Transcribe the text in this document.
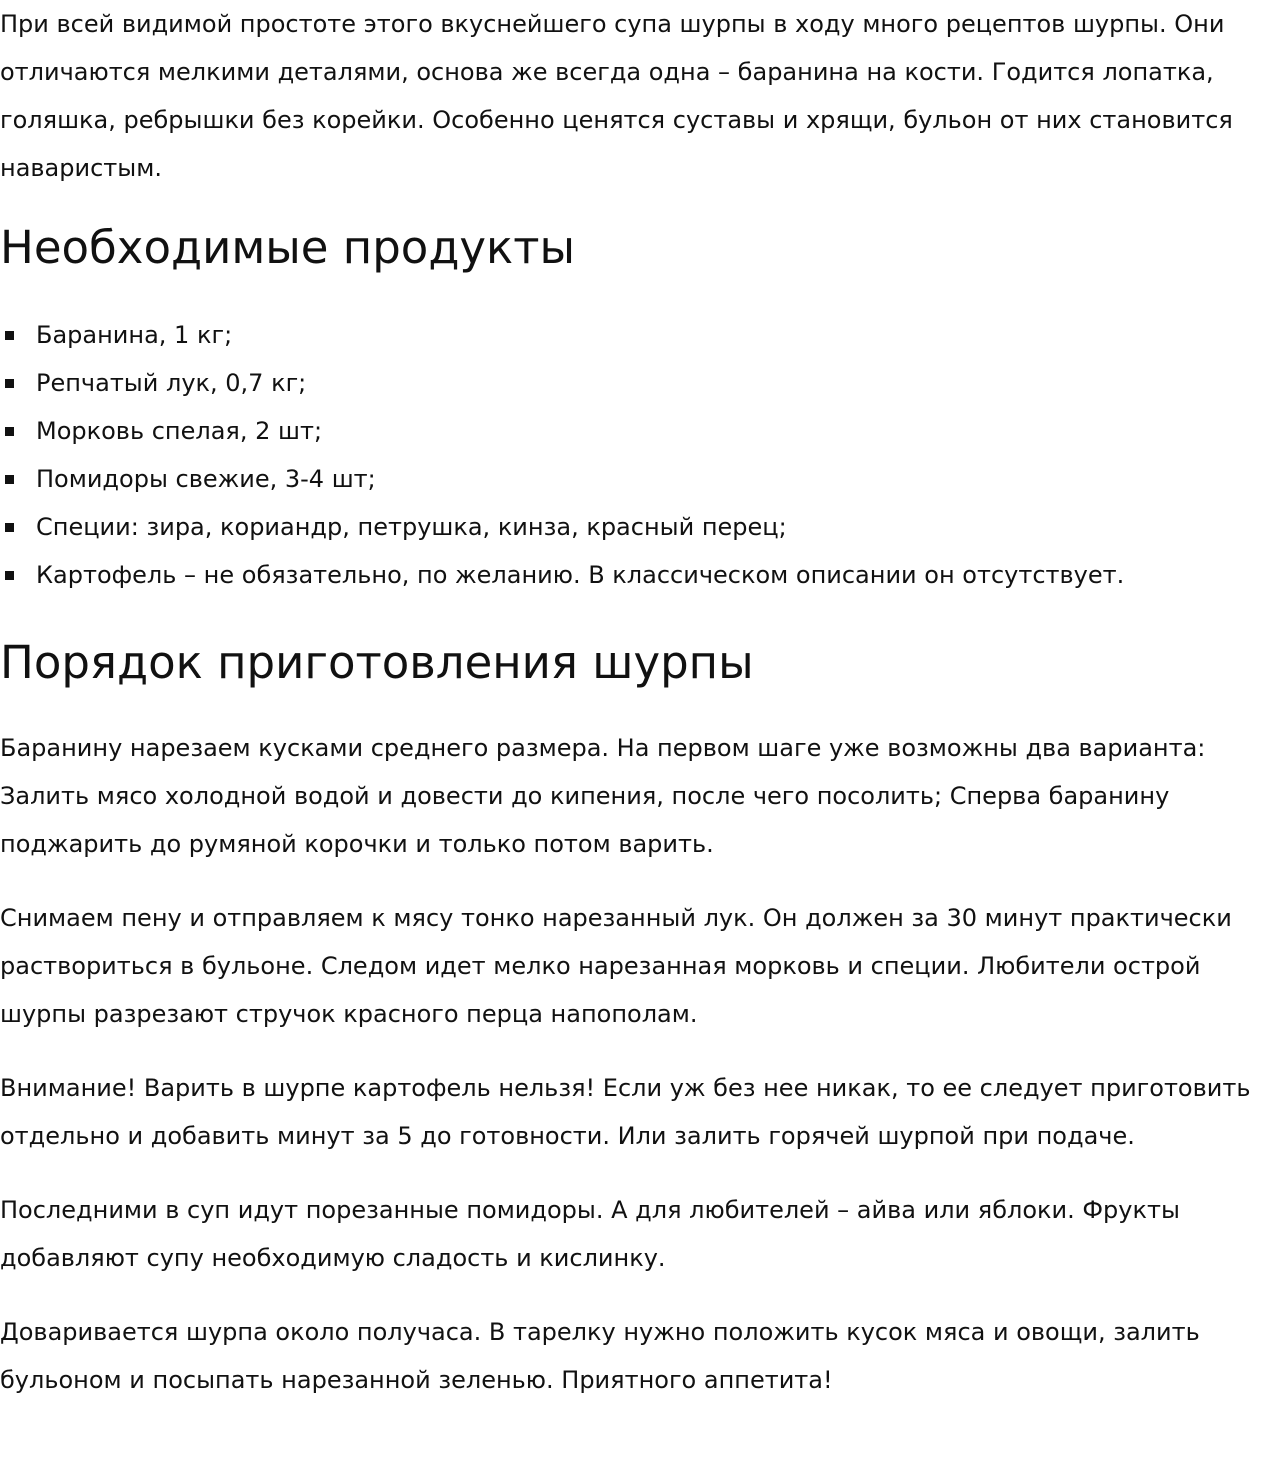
При всей видимой простоте этого вкуснейшего супа шурпы в ходу много рецептов шурпы. Они отличаются мелкими деталями, основа же всегда одна – баранина на кости. Годится лопатка, голяшка, ребрышки без корейки. Особенно ценятся суставы и хрящи, бульон от них становится наваристым.

Необходимые продукты
Баранина, 1 кг;
Репчатый лук, 0,7 кг;
Морковь спелая, 2 шт;
Помидоры свежие, 3-4 шт;
Специи: зира, кориандр, петрушка, кинза, красный перец;
Картофель – не обязательно, по желанию. В классическом описании он отсутствует.
Порядок приготовления шурпы

Баранину нарезаем кусками среднего размера. На первом шаге уже возможны два варианта: Залить мясо холодной водой и довести до кипения, после чего посолить; Сперва баранину поджарить до румяной корочки и только потом варить.

Снимаем пену и отправляем к мясу тонко нарезанный лук. Он должен за 30 минут практически раствориться в бульоне. Следом идет мелко нарезанная морковь и специи. Любители острой шурпы разрезают стручок красного перца напополам.

Внимание! Варить в шурпе картофель нельзя! Если уж без нее никак, то ее следует приготовить отдельно и добавить минут за 5 до готовности. Или залить горячей шурпой при подаче.

Последними в суп идут порезанные помидоры. А для любителей – айва или яблоки. Фрукты добавляют супу необходимую сладость и кислинку.

Доваривается шурпа около получаса. В тарелку нужно положить кусок мяса и овощи, залить бульоном и посыпать нарезанной зеленью. Приятного аппетита!
